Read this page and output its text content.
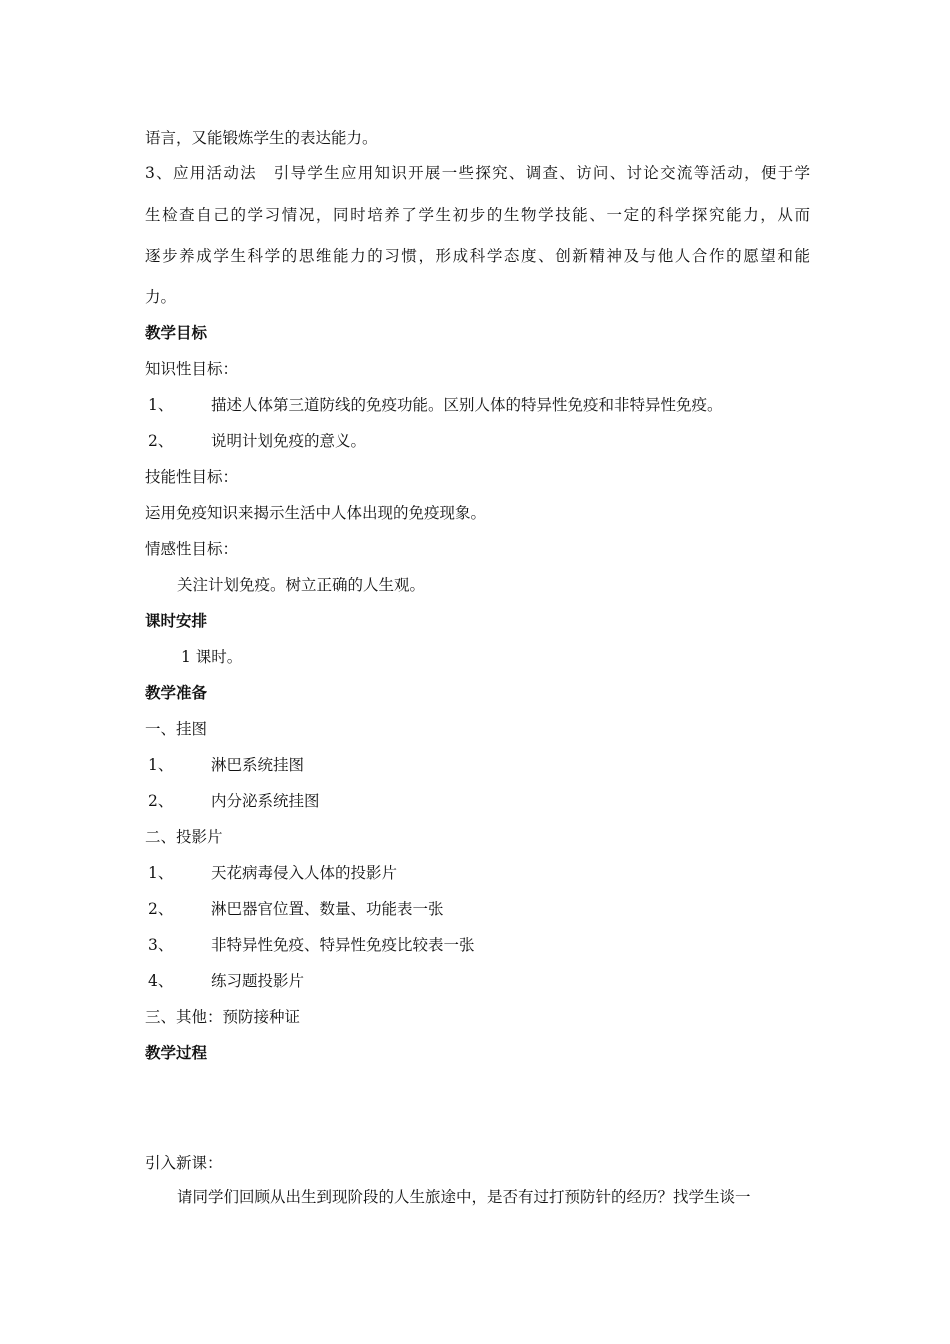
语言，又能锻炼学生的表达能力。
3、应用活动法　引导学生应用知识开展一些探究、调查、访问、讨论交流等活动，便于学
生检查自己的学习情况，同时培养了学生初步的生物学技能、一定的科学探究能力，从而
逐步养成学生科学的思维能力的习惯，形成科学态度、创新精神及与他人合作的愿望和能
力。
教学目标
知识性目标：
1、 描述人体第三道防线的免疫功能。区别人体的特异性免疫和非特异性免疫。
2、 说明计划免疫的意义。
技能性目标：
运用免疫知识来揭示生活中人体出现的免疫现象。
情感性目标：
关注计划免疫。树立正确的人生观。
课时安排
1 课时。
教学准备
一、挂图
1、 淋巴系统挂图
2、 内分泌系统挂图
二、投影片
1、 天花病毒侵入人体的投影片
2、 淋巴器官位置、数量、功能表一张
3、 非特异性免疫、特异性免疫比较表一张
4、 练习题投影片
三、其他：预防接种证
教学过程
引入新课：
请同学们回顾从出生到现阶段的人生旅途中，是否有过打预防针的经历？找学生谈一
